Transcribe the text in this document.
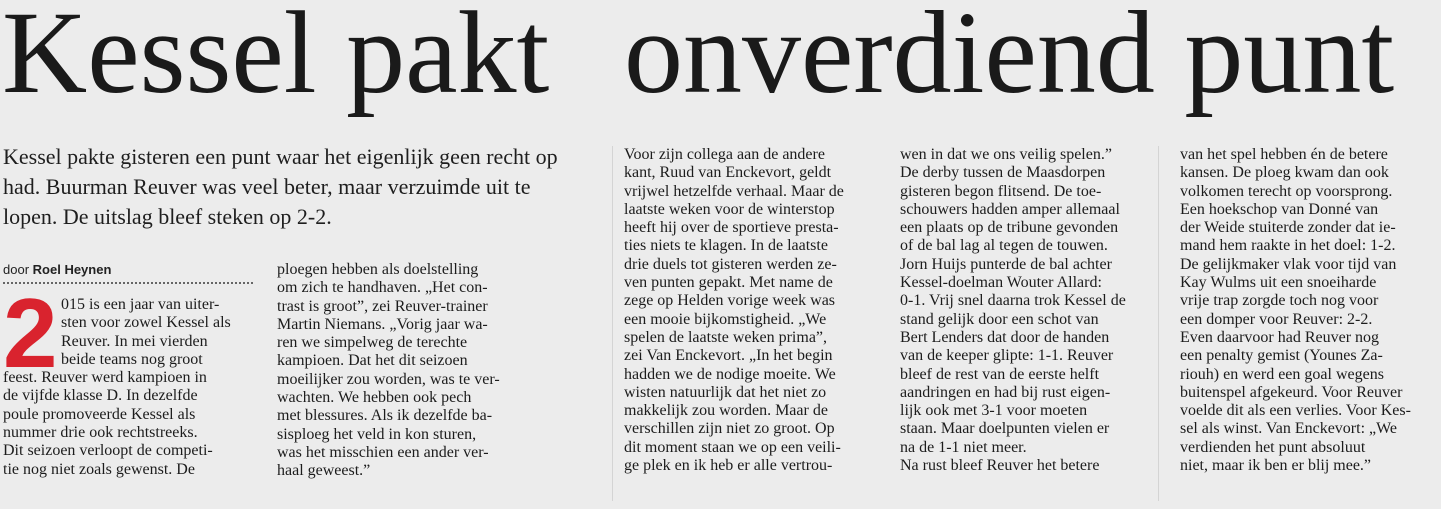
Kessel pakt onverdiend punt

Kessel pakte gisteren een punt waar het eigenlijk geen recht op had. Buurman Reuver was veel beter, maar verzuimde uit te lopen. De uitslag bleef steken op 2-2.

door Roel Heynen
2 015 is een jaar van uiter-
sten voor zowel Kessel als
Reuver. In mei vierden
beide teams nog groot
feest. Reuver werd kampioen in
de vijfde klasse D. In dezelfde
poule promoveerde Kessel als
nummer drie ook rechtstreeks.
Dit seizoen verloopt de competi-
tie nog niet zoals gewenst. De

ploegen hebben als doelstelling
om zich te handhaven. „Het con-
trast is groot”, zei Reuver-trainer
Martin Niemans. „Vorig jaar wa-
ren we simpelweg de terechte
kampioen. Dat het dit seizoen
moeilijker zou worden, was te ver-
wachten. We hebben ook pech
met blessures. Als ik dezelfde ba-
sisploeg het veld in kon sturen,
was het misschien een ander ver-
haal geweest.”

Voor zijn collega aan de andere
kant, Ruud van Enckevort, geldt
vrijwel hetzelfde verhaal. Maar de
laatste weken voor de winterstop
heeft hij over de sportieve presta-
ties niets te klagen. In de laatste
drie duels tot gisteren werden ze-
ven punten gepakt. Met name de
zege op Helden vorige week was
een mooie bijkomstigheid. „We
spelen de laatste weken prima”,
zei Van Enckevort. „In het begin
hadden we de nodige moeite. We
wisten natuurlijk dat het niet zo
makkelijk zou worden. Maar de
verschillen zijn niet zo groot. Op
dit moment staan we op een veili-
ge plek en ik heb er alle vertrou-

wen in dat we ons veilig spelen.”
De derby tussen de Maasdorpen
gisteren begon flitsend. De toe-
schouwers hadden amper allemaal
een plaats op de tribune gevonden
of de bal lag al tegen de touwen.
Jorn Huijs punterde de bal achter
Kessel-doelman Wouter Allard:
0-1. Vrij snel daarna trok Kessel de
stand gelijk door een schot van
Bert Lenders dat door de handen
van de keeper glipte: 1-1. Reuver
bleef de rest van de eerste helft
aandringen en had bij rust eigen-
lijk ook met 3-1 voor moeten
staan. Maar doelpunten vielen er
na de 1-1 niet meer.
Na rust bleef Reuver het betere

van het spel hebben én de betere
kansen. De ploeg kwam dan ook
volkomen terecht op voorsprong.
Een hoekschop van Donné van
der Weide stuiterde zonder dat ie-
mand hem raakte in het doel: 1-2.
De gelijkmaker vlak voor tijd van
Kay Wulms uit een snoeiharde
vrije trap zorgde toch nog voor
een domper voor Reuver: 2-2.
Even daarvoor had Reuver nog
een penalty gemist (Younes Za-
riouh) en werd een goal wegens
buitenspel afgekeurd. Voor Reuver
voelde dit als een verlies. Voor Kes-
sel als winst. Van Enckevort: „We
verdienden het punt absoluut
niet, maar ik ben er blij mee.”
